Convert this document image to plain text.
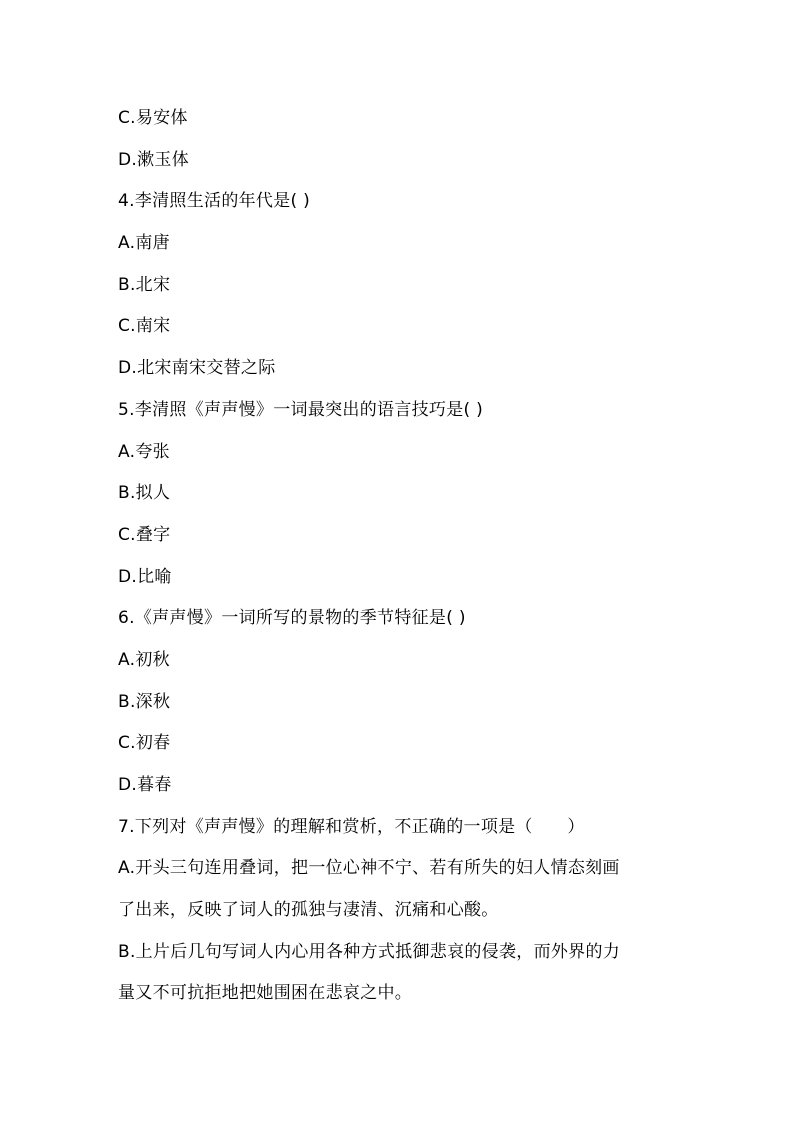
C.易安体
D.漱玉体
4.李清照生活的年代是( )
A.南唐
B.北宋
C.南宋
D.北宋南宋交替之际
5.李清照《声声慢》一词最突出的语言技巧是( )
A.夸张
B.拟人
C.叠字
D.比喻
6.《声声慢》一词所写的景物的季节特征是( )
A.初秋
B.深秋
C.初春
D.暮春
7.下列对《声声慢》的理解和赏析，不正确的一项是（　　）
A.开头三句连用叠词，把一位心神不宁、若有所失的妇人情态刻画
了出来，反映了词人的孤独与凄清、沉痛和心酸。
B.上片后几句写词人内心用各种方式抵御悲哀的侵袭，而外界的力
量又不可抗拒地把她围困在悲哀之中。
